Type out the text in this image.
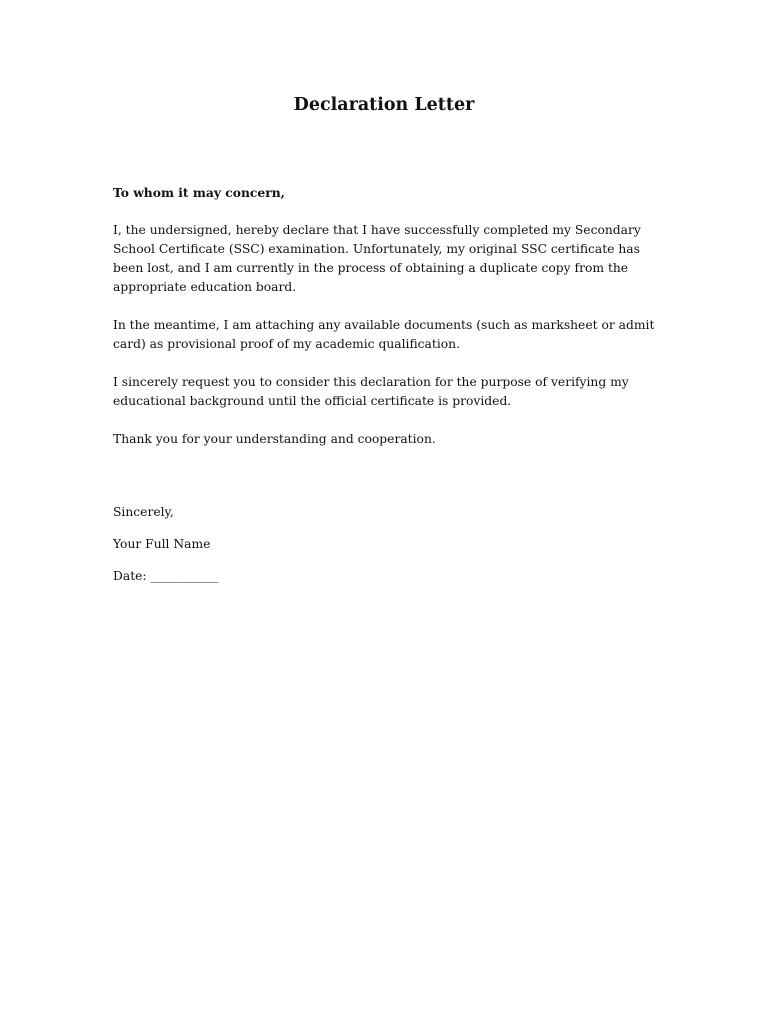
Declaration Letter

To whom it may concern,

I, the undersigned, hereby declare that I have successfully completed my Secondary School Certificate (SSC) examination. Unfortunately, my original SSC certificate has been lost, and I am currently in the process of obtaining a duplicate copy from the appropriate education board.

In the meantime, I am attaching any available documents (such as marksheet or admit card) as provisional proof of my academic qualification.

I sincerely request you to consider this declaration for the purpose of verifying my educational background until the official certificate is provided.

Thank you for your understanding and cooperation.

Sincerely,

Your Full Name

Date: ___________
